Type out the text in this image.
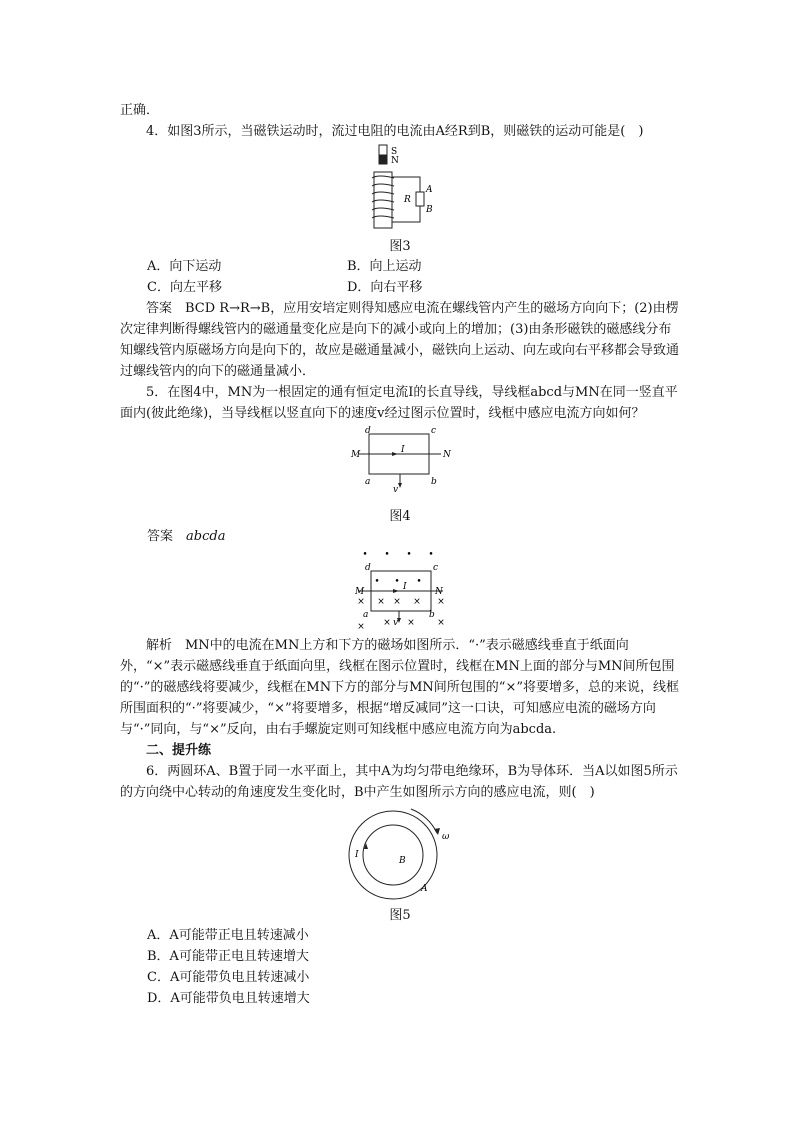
正确．

4．如图3所示，当磁铁运动时，流过电阻的电流由A经R到B，则磁铁的运动可能是(　)

S
N
R
A
B
图3
A．向下运动	B．向上运动
C．向左平移	D．向右平移

答案　BCD R→R→B，应用安培定则得知感应电流在螺线管内产生的磁场方向向下；(2)由楞次定律判断得螺线管内的磁通量变化应是向下的减小或向上的增加；(3)由条形磁铁的磁感线分布知螺线管内原磁场方向是向下的，故应是磁通量减小，磁铁向上运动、向左或向右平移都会导致通过螺线管内的向下的磁通量减小．

5．在图4中，MN为一根固定的通有恒定电流I的长直导线，导线框abcd与MN在同一竖直平面内(彼此绝缘)，当导线框以竖直向下的速度v经过图示位置时，线框中感应电流方向如何？

d	c
M	N
I
a	b
v
图4

答案　 abcda

• • • •
• • •
× × × × ×
× × × ×
d	c
M	N
I
a	b
v

解析　MN中的电流在MN上方和下方的磁场如图所示．“·”表示磁感线垂直于纸面向外，“×”表示磁感线垂直于纸面向里，线框在图示位置时，线框在MN上面的部分与MN间所包围的“·”的磁感线将要减少，线框在MN下方的部分与MN间所包围的“×”将要增多，总的来说，线框所围面积的“·”将要减少，“×”将要增多，根据“增反减同”这一口诀，可知感应电流的磁场方向与“·”同向，与“×”反向，由右手螺旋定则可知线框中感应电流方向为abcda.

二、提升练

6．两圆环A、B置于同一水平面上，其中A为均匀带电绝缘环，B为导体环．当A以如图5所示的方向绕中心转动的角速度发生变化时，B中产生如图所示方向的感应电流，则(　)

ω
I
B
A
图5
A．A可能带正电且转速减小
B．A可能带正电且转速增大
C．A可能带负电且转速减小
D．A可能带负电且转速增大
